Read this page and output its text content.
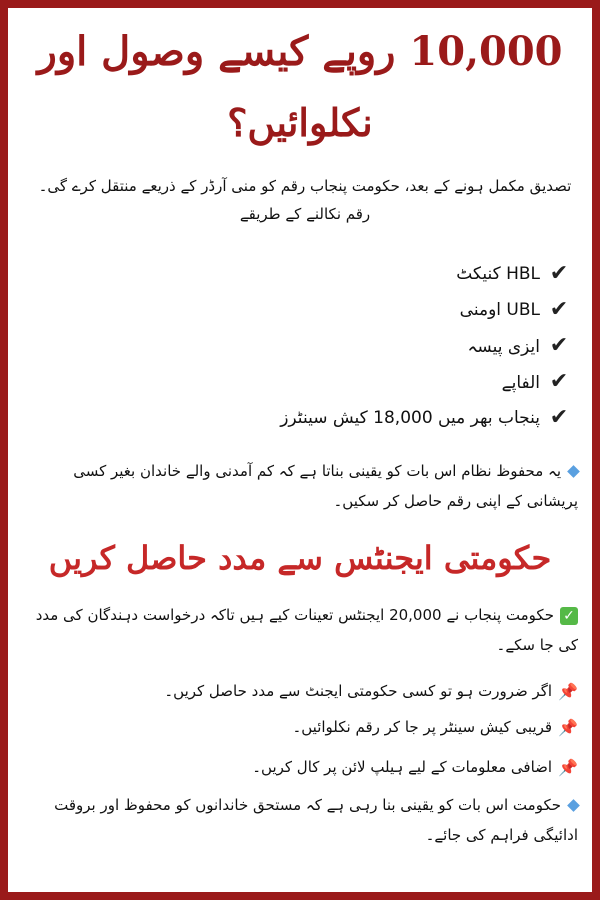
10,000 روپے کیسے وصول اور
نکلوائیں؟
تصدیق مکمل ہونے کے بعد، حکومت پنجاب رقم کو منی آرڈر کے ذریعے منتقل کرے گی۔
رقم نکالنے کے طریقے
✔
HBL کنیکٹ
✔
UBL اومنی
✔
ایزی پیسہ
✔
الفاپے
✔
پنجاب بھر میں 18,000 کیش سینٹرز
یہ محفوظ نظام اس بات کو یقینی بناتا ہے کہ کم آمدنی والے خاندان بغیر کسی پریشانی کے اپنی رقم حاصل کر سکیں۔
حکومتی ایجنٹس سے مدد حاصل کریں
✓حکومت پنجاب نے 20,000 ایجنٹس تعینات کیے ہیں تاکہ درخواست دہندگان کی مدد کی جا سکے۔
📌اگر ضرورت ہو تو کسی حکومتی ایجنٹ سے مدد حاصل کریں۔
📌قریبی کیش سینٹر پر جا کر رقم نکلوائیں۔
📌اضافی معلومات کے لیے ہیلپ لائن پر کال کریں۔
حکومت اس بات کو یقینی بنا رہی ہے کہ مستحق خاندانوں کو محفوظ اور بروقت ادائیگی فراہم کی جائے۔
